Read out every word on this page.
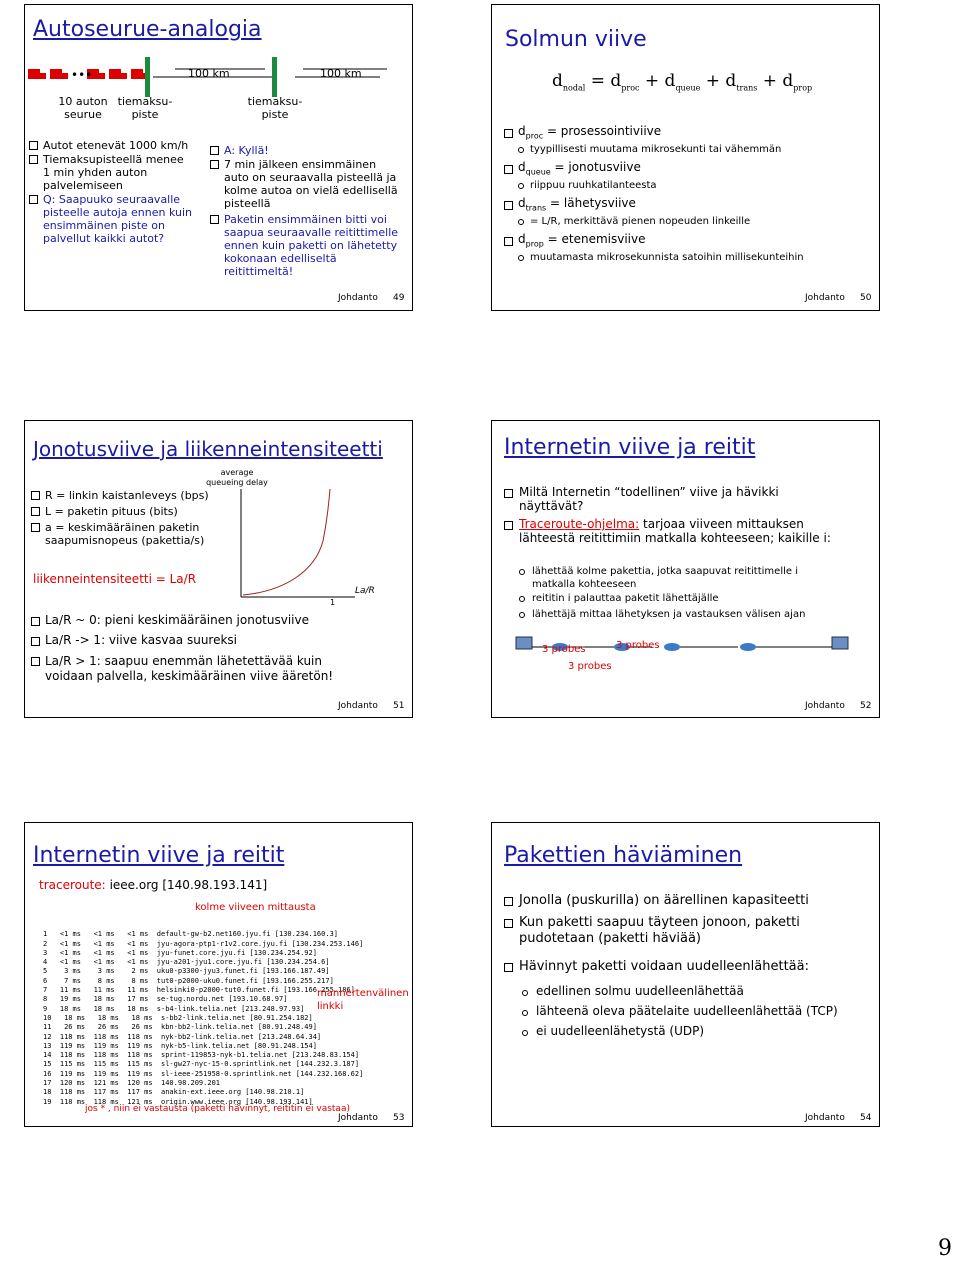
Autoseurue-analogia
100 km	100 km
•••
10 auton seurue
tiemaksu-piste
tiemaksu-piste
Autot etenevät 1000 km/h
Tiemaksupisteellä menee 1 min yhden auton palvelemiseen
Q: Saapuuko seuraavalle pisteelle autoja ennen kuin ensimmäinen piste on palvellut kaikki autot?
A: Kyllä!
7 min jälkeen ensimmäinen auto on seuraavalla pisteellä ja kolme autoa on vielä edellisellä pisteellä
Paketin ensimmäinen bitti voi saapua seuraavalle reitittimelle ennen kuin paketti on lähetetty kokonaan edelliseltä reitittimeltä!
Johdanto 49
Solmun viive
$d_{nodal} = d_{proc} + d_{queue} + d_{trans} + d_{prop}$
$d_{proc}$ = prosessointiviive
tyypillisesti muutama mikrosekunti tai vähemmän
$d_{queue}$ = jonotusviive
riippuu ruuhkatilanteesta
$d_{trans}$ = lähetysviive
= L/R, merkittävä pienen nopeuden linkeille
$d_{prop}$ = etenemisviive
muutamasta mikrosekunnista satoihin millisekunteihin
Johdanto 50
Jonotusviive ja liikenneintensiteetti
average
queueing delay
La/R
1
R = linkin kaistanleveys (bps)
L = paketin pituus (bits)
a = keskimääräinen paketin saapumisnopeus (pakettia/s)
liikenneintensiteetti = La/R
La/R ~ 0: pieni keskimääräinen jonotusviive
La/R -> 1: viive kasvaa suureksi
La/R > 1: saapuu enemmän lähetettävää kuin voidaan palvella, keskimääräinen viive ääretön!
Johdanto 51
Internetin viive ja reitit
Miltä Internetin “todellinen” viive ja hävikki näyttävät?
Traceroute-ohjelma: tarjoaa viiveen mittauksen lähteestä reitittimiin matkalla kohteeseen; kaikille i:
lähettää kolme pakettia, jotka saapuvat reitittimelle i matkalla kohteeseen
reititin i palauttaa paketit lähettäjälle
lähettäjä mittaa lähetyksen ja vastauksen välisen ajan
3 probes	3 probes
3 probes
Johdanto 52
Internetin viive ja reitit
traceroute: ieee.org [140.98.193.141]
kolme viiveen mittausta

1   <1 ms   <1 ms   <1 ms  default-gw-b2.net160.jyu.fi [130.234.160.3]
2   <1 ms   <1 ms   <1 ms  jyu-agora-ptp1-r1v2.core.jyu.fi [130.234.253.146]
3   <1 ms   <1 ms   <1 ms  jyu-funet.core.jyu.fi [130.234.254.92]
4   <1 ms   <1 ms   <1 ms  jyu-a201-jyu1.core.jyu.fi [130.234.254.6]
5    3 ms    3 ms    2 ms  uku0-p3300-jyu3.funet.fi [193.166.187.49]
6    7 ms    8 ms    8 ms  tut0-p2000-uku0.funet.fi [193.166.255.217]
7   11 ms   11 ms   11 ms  helsinki0-p2000-tut0.funet.fi [193.166.255.186]
8   19 ms   18 ms   17 ms  se-tug.nordu.net [193.10.68.97]
9   18 ms   18 ms   18 ms  s-b4-link.telia.net [213.248.97.93]
10   18 ms   18 ms   18 ms  s-bb2-link.telia.net [80.91.254.182]
11   26 ms   26 ms   26 ms  kbn-bb2-link.telia.net [80.91.248.49]
12  118 ms  118 ms  118 ms  nyk-bb2-link.telia.net [213.248.64.34]
13  119 ms  119 ms  119 ms  nyk-b5-link.telia.net [80.91.248.154]
14  118 ms  118 ms  118 ms  sprint-119853-nyk-b1.telia.net [213.248.83.154]
15  115 ms  115 ms  115 ms  sl-gw27-nyc-15-0.sprintlink.net [144.232.3.187]
16  119 ms  119 ms  119 ms  sl-ieee-251958-0.sprintlink.net [144.232.168.62]
17  120 ms  121 ms  120 ms  140.98.209.201
18  118 ms  117 ms  117 ms  anakin-ext.ieee.org [140.98.210.1]
19  118 ms  118 ms  121 ms  origin.www.ieee.org [140.98.193.141]
mannertenvälinen linkki
jos * , niin ei vastausta (paketti hävinnyt, reititin ei vastaa)
Johdanto 53
Pakettien häviäminen
Jonolla (puskurilla) on äärellinen kapasiteetti
Kun paketti saapuu täyteen jonoon, paketti pudotetaan (paketti häviää)
Hävinnyt paketti voidaan uudelleenlähettää:
edellinen solmu uudelleenlähettää
lähteenä oleva päätelaite uudelleenlähettää (TCP)
ei uudelleenlähetystä (UDP)
Johdanto 54
9
